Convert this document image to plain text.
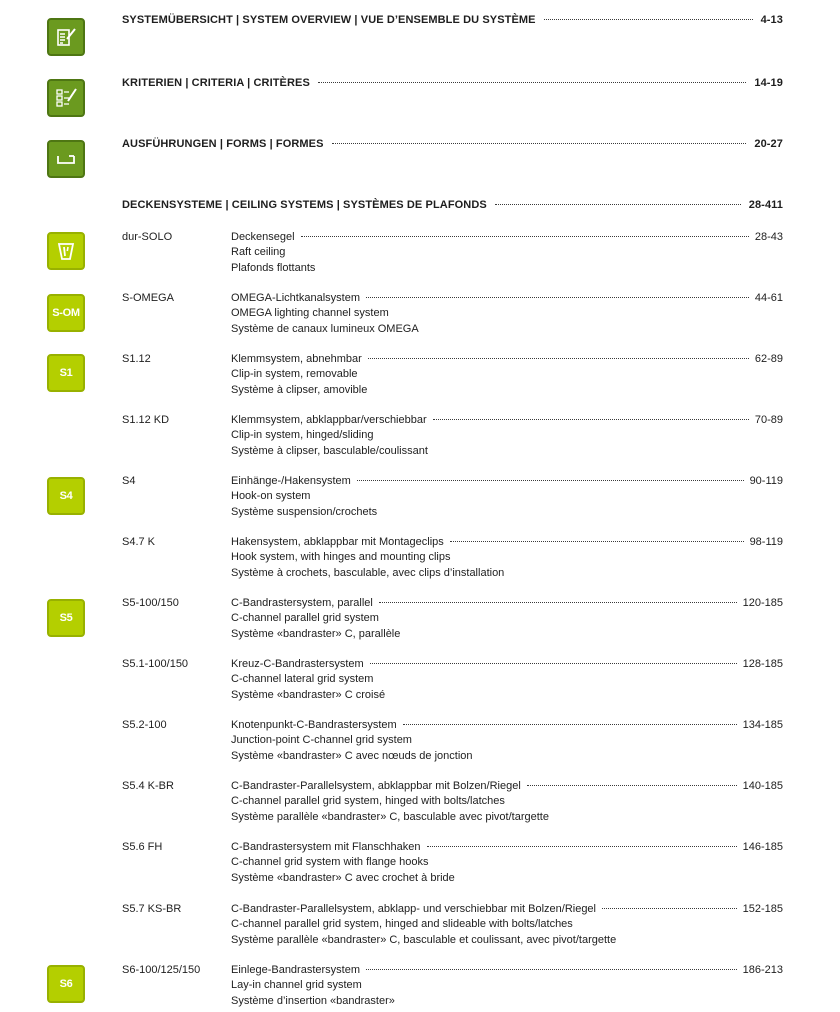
SYSTEMÜBERSICHT | SYSTEM OVERVIEW | VUE D’ENSEMBLE DU SYSTÈME	4-13
KRITERIEN | CRITERIA | CRITÈRES	14-19
AUSFÜHRUNGEN | FORMS | FORMES	20-27
DECKENSYSTEME | CEILING SYSTEMS | SYSTÈMES DE PLAFONDS	28-411
S-OM
S1
S4
S5
S6
dur-SOLO	Deckensegel	28-43
Raft ceiling
Plafonds flottants
S-OMEGA	OMEGA-Lichtkanalsystem	44-61
OMEGA lighting channel system
Système de canaux lumineux OMEGA
S1.12	Klemmsystem, abnehmbar	62-89
Clip-in system, removable
Système à clipser, amovible
S1.12 KD	Klemmsystem, abklappbar/verschiebbar	70-89
Clip-in system, hinged/sliding
Système à clipser, basculable/coulissant
S4	Einhänge-/Hakensystem	90-119
Hook-on system
Système suspension/crochets
S4.7 K	Hakensystem, abklappbar mit Montageclips	98-119
Hook system, with hinges and mounting clips
Système à crochets, basculable, avec clips d’installation
S5-100/150	C-Bandrastersystem, parallel	120-185
C-channel parallel grid system
Système «bandraster» C, parallèle
S5.1-100/150	Kreuz-C-Bandrastersystem	128-185
C-channel lateral grid system
Système «bandraster» C croisé
S5.2-100	Knotenpunkt-C-Bandrastersystem	134-185
Junction-point C-channel grid system
Système «bandraster» C avec nœuds de jonction
S5.4 K-BR	C-Bandraster-Parallelsystem, abklappbar mit Bolzen/Riegel	140-185
C-channel parallel grid system, hinged with bolts/latches
Système parallèle «bandraster» C, basculable avec pivot/targette
S5.6 FH	C-Bandrastersystem mit Flanschhaken	146-185
C-channel grid system with flange hooks
Système «bandraster» C avec crochet à bride
S5.7 KS-BR	C-Bandraster-Parallelsystem, abklapp- und verschiebbar mit Bolzen/Riegel	152-185
C-channel parallel grid system, hinged and slideable with bolts/latches
Système parallèle «bandraster» C, basculable et coulissant, avec pivot/targette
S6-100/125/150	Einlege-Bandrastersystem	186-213
Lay-in channel grid system
Système d’insertion «bandraster»
